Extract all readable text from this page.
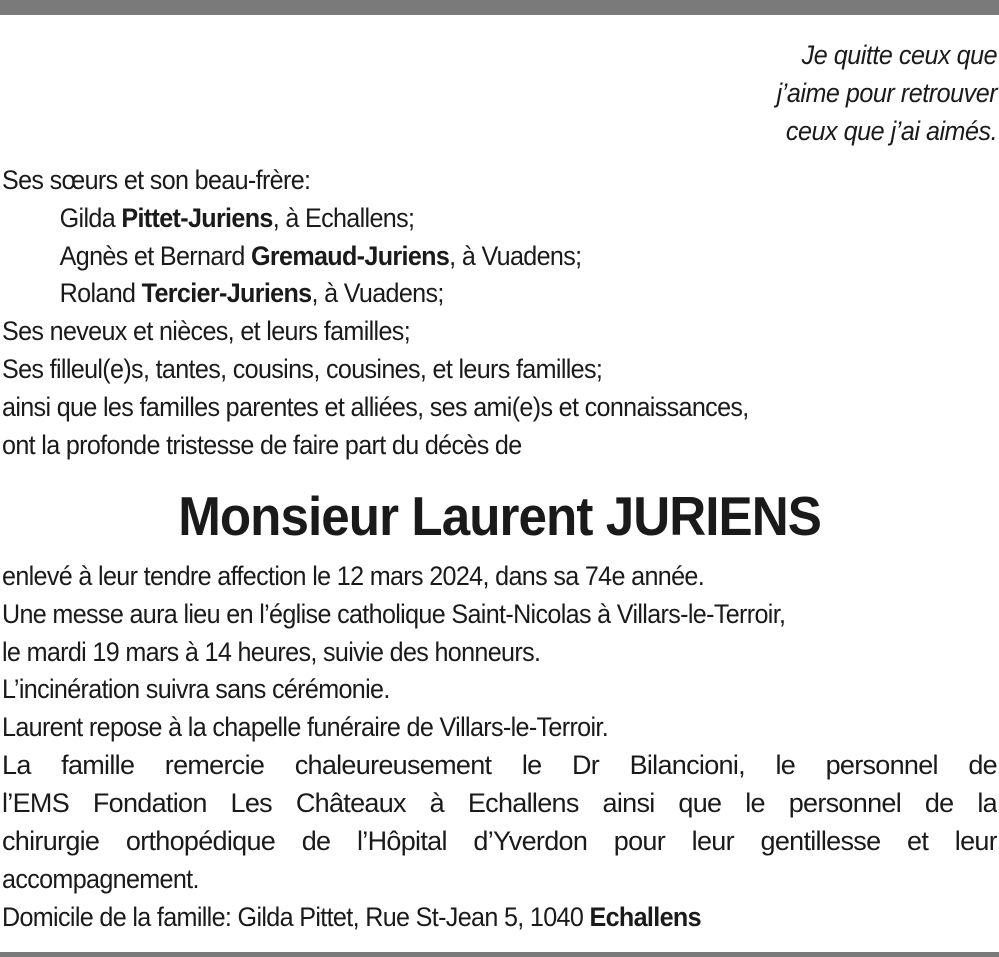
Je quitte ceux que
j’aime pour retrouver
ceux que j’ai aimés.
Ses sœurs et son beau-frère:
Gilda Pittet-Juriens, à Echallens;
Agnès et Bernard Gremaud-Juriens, à Vuadens;
Roland Tercier-Juriens, à Vuadens;
Ses neveux et nièces, et leurs familles;
Ses filleul(e)s, tantes, cousins, cousines, et leurs familles;
ainsi que les familles parentes et alliées, ses ami(e)s et connaissances,
ont la profonde tristesse de faire part du décès de
Monsieur Laurent JURIENS
enlevé à leur tendre affection le 12 mars 2024, dans sa 74e année.
Une messe aura lieu en l’église catholique Saint-Nicolas à Villars-le-Terroir,
le mardi 19 mars à 14 heures, suivie des honneurs.
L’incinération suivra sans cérémonie.
Laurent repose à la chapelle funéraire de Villars-le-Terroir.
La famille remercie chaleureusement le Dr Bilancioni, le personnel de
l’EMS Fondation Les Châteaux à Echallens ainsi que le personnel de la
chirurgie orthopédique de l’Hôpital d’Yverdon pour leur gentillesse et leur
accompagnement.
Domicile de la famille: Gilda Pittet, Rue St-Jean 5, 1040 Echallens
